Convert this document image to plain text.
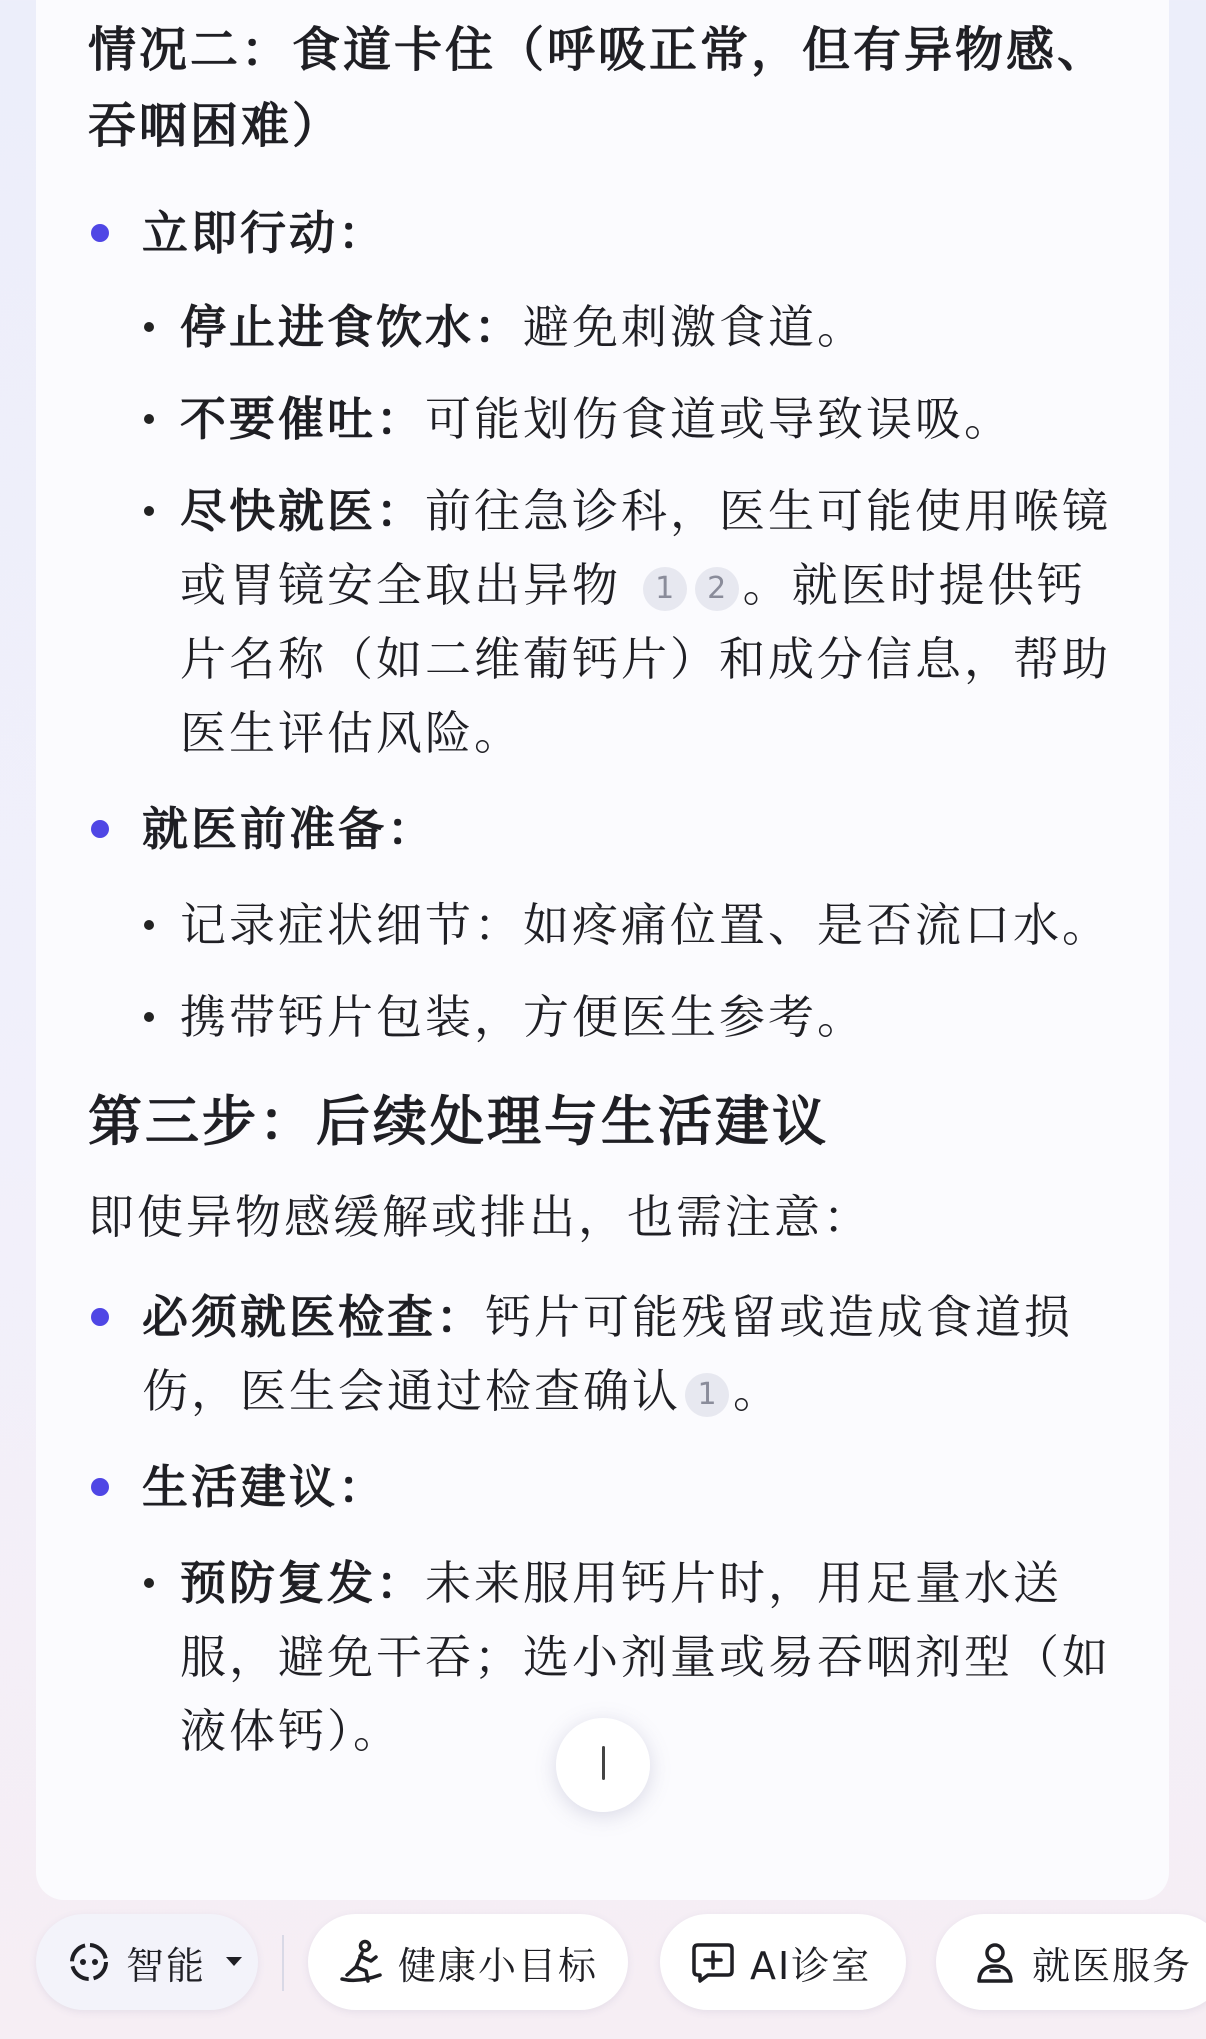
情况二：食道卡住（呼吸正常，但有异物感、吞咽困难）
立即行动：
停止进食饮水：避免刺激食道。
不要催吐：可能划伤食道或导致误吸。
尽快就医：前往急诊科，医生可能使用喉镜或胃镜安全取出异物 1 2 。就医时提供钙片名称（如二维葡钙片）和成分信息，帮助医生评估风险。
就医前准备：
记录症状细节：如疼痛位置、是否流口水。
携带钙片包装，方便医生参考。
第三步：后续处理与生活建议
即使异物感缓解或排出，也需注意：
必须就医检查：钙片可能残留或造成食道损伤，医生会通过检查确认 1 。
生活建议：
预防复发：未来服用钙片时，用足量水送服，避免干吞；选小剂量或易吞咽剂型（如液体钙）。
智能	健康小目标	AI诊室	就医服务
